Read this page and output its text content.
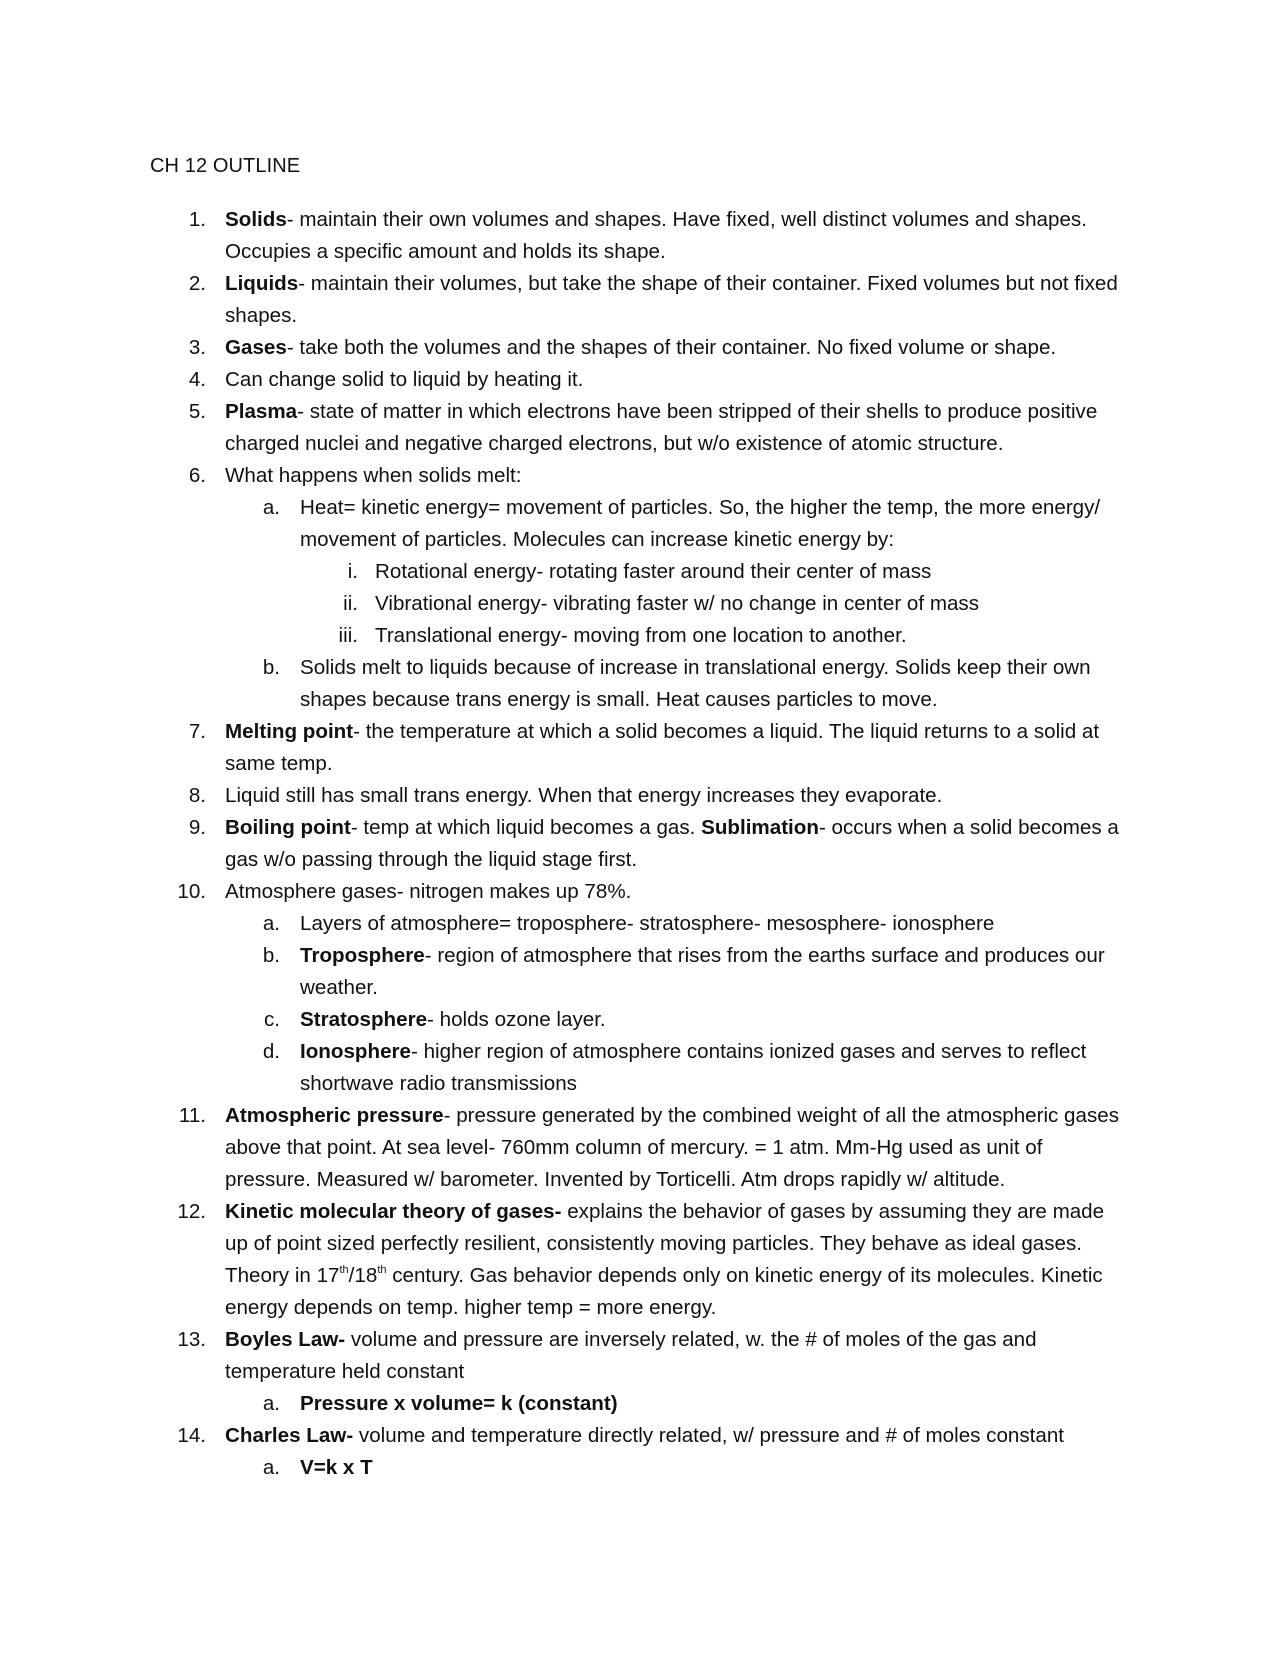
CH 12 OUTLINE
1. Solids- maintain their own volumes and shapes. Have fixed, well distinct volumes and shapes. Occupies a specific amount and holds its shape.
2. Liquids- maintain their volumes, but take the shape of their container. Fixed volumes but not fixed shapes.
3. Gases- take both the volumes and the shapes of their container. No fixed volume or shape.
4. Can change solid to liquid by heating it.
5. Plasma- state of matter in which electrons have been stripped of their shells to produce positive charged nuclei and negative charged electrons, but w/o existence of atomic structure.
6. What happens when solids melt:
a. Heat= kinetic energy= movement of particles. So, the higher the temp, the more energy/ movement of particles. Molecules can increase kinetic energy by:
i. Rotational energy- rotating faster around their center of mass
ii. Vibrational energy- vibrating faster w/ no change in center of mass
iii. Translational energy- moving from one location to another.
b. Solids melt to liquids because of increase in translational energy. Solids keep their own shapes because trans energy is small. Heat causes particles to move.
7. Melting point- the temperature at which a solid becomes a liquid. The liquid returns to a solid at same temp.
8. Liquid still has small trans energy. When that energy increases they evaporate.
9. Boiling point- temp at which liquid becomes a gas. Sublimation- occurs when a solid becomes a gas w/o passing through the liquid stage first.
10. Atmosphere gases- nitrogen makes up 78%.
a. Layers of atmosphere= troposphere- stratosphere- mesosphere- ionosphere
b. Troposphere- region of atmosphere that rises from the earths surface and produces our weather.
c. Stratosphere- holds ozone layer.
d. Ionosphere- higher region of atmosphere contains ionized gases and serves to reflect shortwave radio transmissions
11. Atmospheric pressure- pressure generated by the combined weight of all the atmospheric gases above that point. At sea level- 760mm column of mercury. = 1 atm. Mm-Hg used as unit of pressure. Measured w/ barometer. Invented by Torticelli. Atm drops rapidly w/ altitude.
12. Kinetic molecular theory of gases- explains the behavior of gases by assuming they are made up of point sized perfectly resilient, consistently moving particles. They behave as ideal gases. Theory in 17th/18th century. Gas behavior depends only on kinetic energy of its molecules. Kinetic energy depends on temp. higher temp = more energy.
13. Boyles Law- volume and pressure are inversely related, w. the # of moles of the gas and temperature held constant
a. Pressure x volume= k (constant)
14. Charles Law- volume and temperature directly related, w/ pressure and # of moles constant
a. V=k x T
